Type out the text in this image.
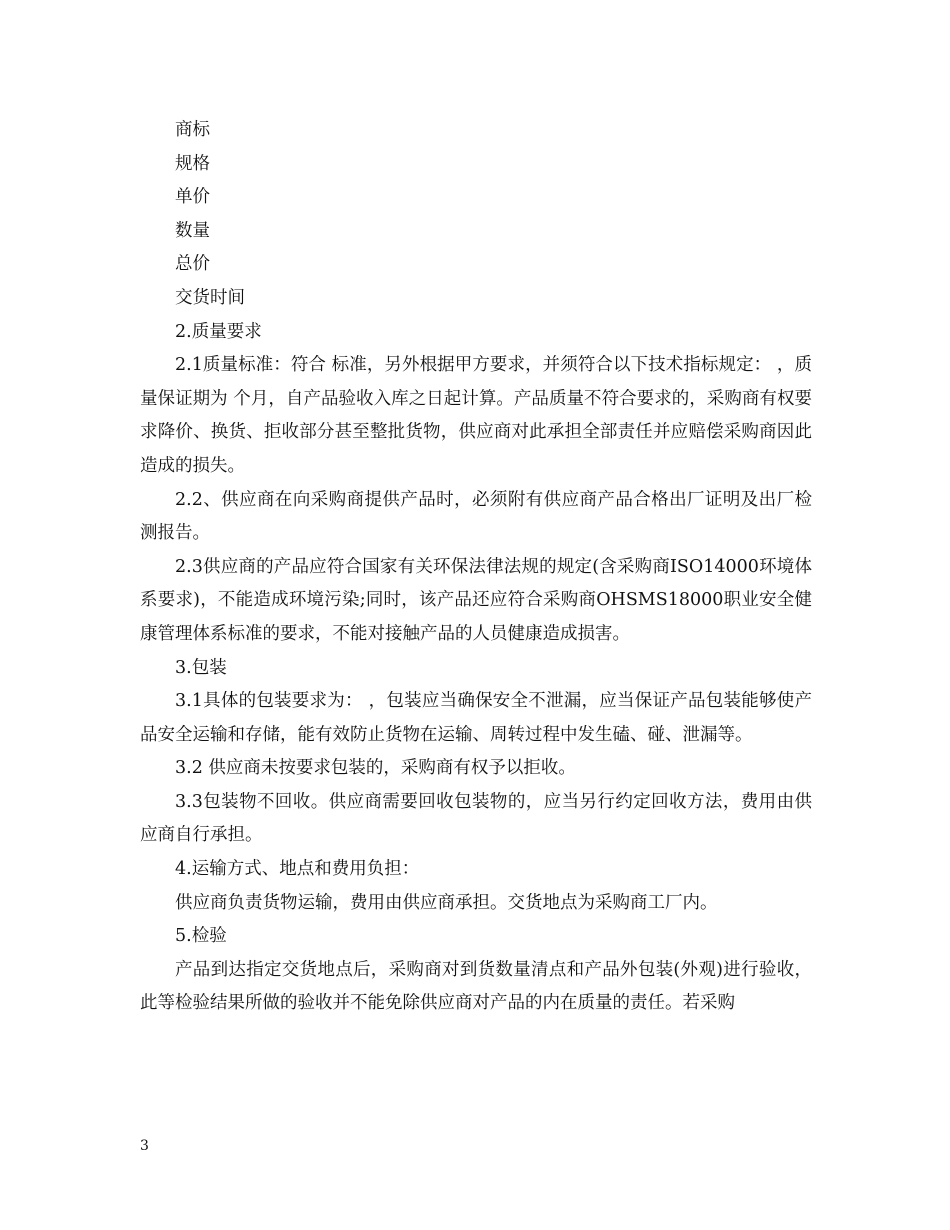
商标

规格

单价

数量

总价

交货时间

2.质量要求

2.1质量标准：符合 标准，另外根据甲方要求，并须符合以下技术指标规定： ，质量保证期为 个月，自产品验收入库之日起计算。产品质量不符合要求的，采购商有权要求降价、换货、拒收部分甚至整批货物，供应商对此承担全部责任并应赔偿采购商因此造成的损失。

2.2、供应商在向采购商提供产品时，必须附有供应商产品合格出厂证明及出厂检测报告。

2.3供应商的产品应符合国家有关环保法律法规的规定(含采购商ISO14000环境体系要求)，不能造成环境污染;同时，该产品还应符合采购商OHSMS18000职业安全健康管理体系标准的要求，不能对接触产品的人员健康造成损害。

3.包装

3.1具体的包装要求为： ，包装应当确保安全不泄漏，应当保证产品包装能够使产品安全运输和存储，能有效防止货物在运输、周转过程中发生磕、碰、泄漏等。

3.2 供应商未按要求包装的，采购商有权予以拒收。

3.3包装物不回收。供应商需要回收包装物的，应当另行约定回收方法，费用由供应商自行承担。

4.运输方式、地点和费用负担：

供应商负责货物运输，费用由供应商承担。交货地点为采购商工厂内。

5.检验

产品到达指定交货地点后，采购商对到货数量清点和产品外包装(外观)进行验收，此等检验结果所做的验收并不能免除供应商对产品的内在质量的责任。若采购

3
